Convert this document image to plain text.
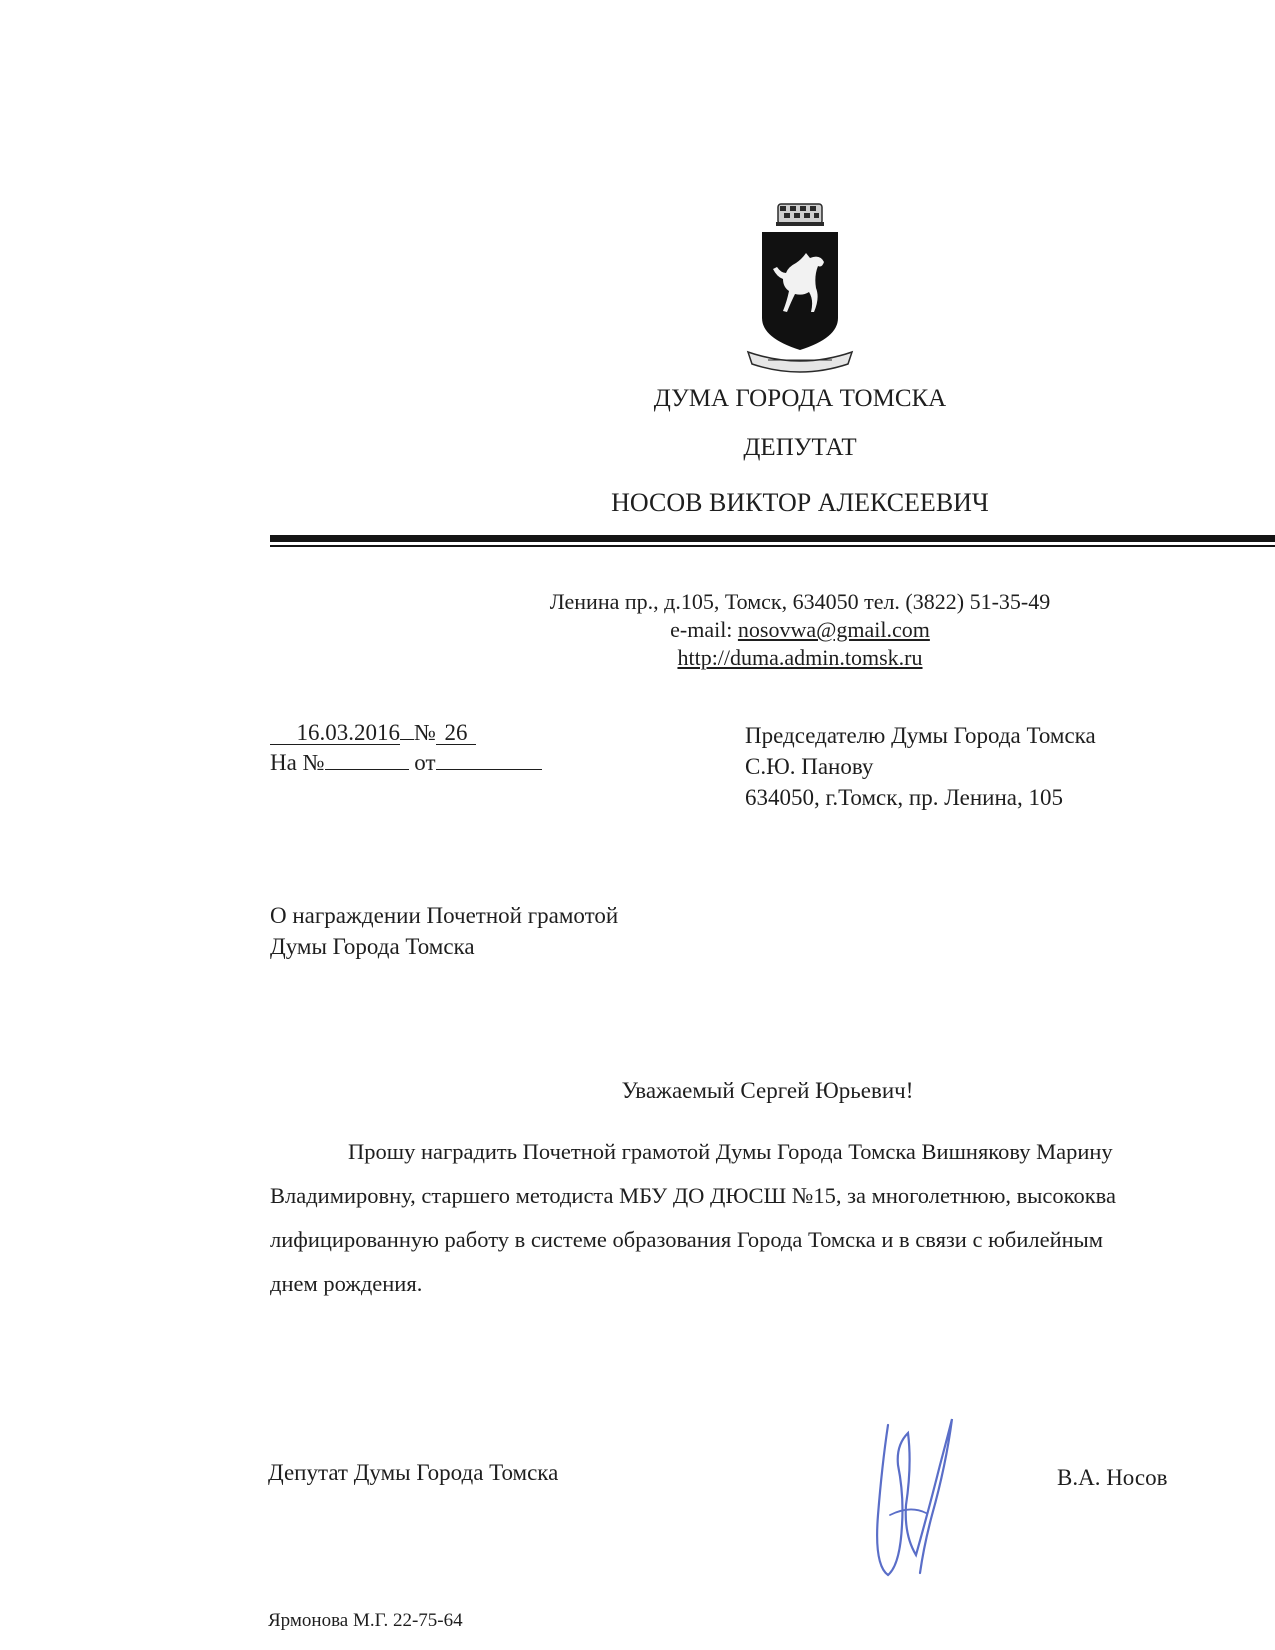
ДУМА ГОРОДА ТОМСКА
ДЕПУТАТ
НОСОВ ВИКТОР АЛЕКСЕЕВИЧ
Ленина пр., д.105, Томск, 634050 тел. (3822) 51-35-49
e-mail: nosovwa@gmail.com
http://duma.admin.tomsk.ru
16.03.2016 № 26
На №	от
Председателю Думы Города Томска
С.Ю. Панову
634050, г.Томск, пр. Ленина, 105
О награждении Почетной грамотой
Думы Города Томска
Уважаемый Сергей Юрьевич!

Прошу наградить Почетной грамотой Думы Города Томска Вишнякову Марину

Владимировну, старшего методиста МБУ ДО ДЮСШ №15, за многолетнюю, высококва

лифицированную работу в системе образования Города Томска и в связи с юбилейным

днем рождения.

Депутат Думы Города Томска	В.А. Носов
Ярмонова М.Г. 22-75-64
